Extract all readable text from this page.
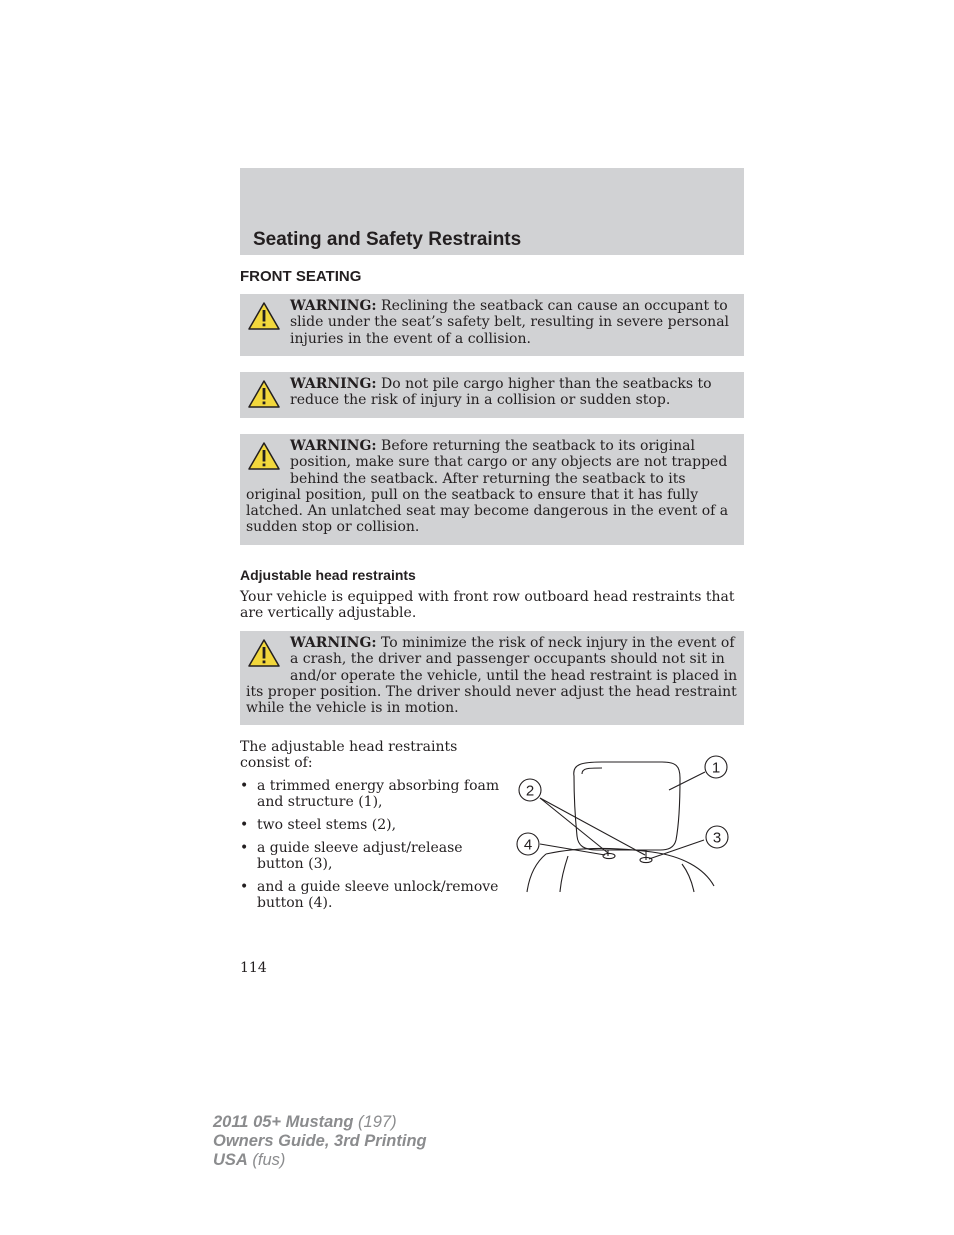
Seating and Safety Restraints
FRONT SEATING
WARNING: Reclining the seatback can cause an occupant to slide under the seat’s safety belt, resulting in severe personal injuries in the event of a collision.
WARNING: Do not pile cargo higher than the seatbacks to reduce the risk of injury in a collision or sudden stop.
WARNING: Before returning the seatback to its original position, make sure that cargo or any objects are not trapped behind the seatback. After returning the seatback to its original position, pull on the seatback to ensure that it has fully latched. An unlatched seat may become dangerous in the event of a sudden stop or collision.
Adjustable head restraints

Your vehicle is equipped with front row outboard head restraints that are vertically adjustable.

WARNING: To minimize the risk of neck injury in the event of a crash, the driver and passenger occupants should not sit in and/or operate the vehicle, until the head restraint is placed in its proper position. The driver should never adjust the head restraint while the vehicle is in motion.

The adjustable head restraints consist of:

• a trimmed energy absorbing foam and structure (1),
• two steel stems (2),
• a guide sleeve adjust/release button (3),
• and a guide sleeve unlock/remove button (4).
1
2
3
4
114
2011 05+ Mustang (197)
Owners Guide, 3rd Printing
USA (fus)
